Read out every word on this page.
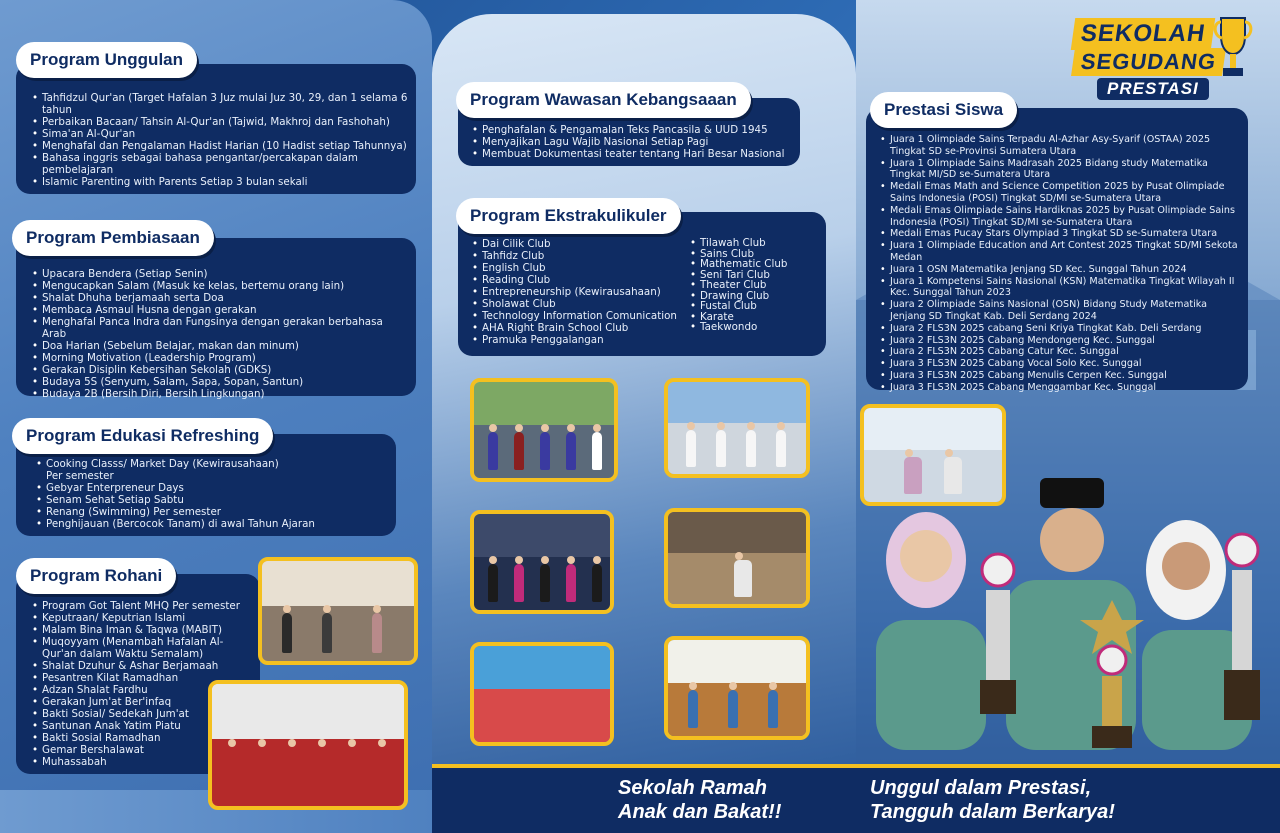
• Tahfidzul Qur'an (Target Hafalan 3 Juz mulai Juz 30, 29, dan 1 selama 6 tahun
• Perbaikan Bacaan/ Tahsin Al-Qur'an (Tajwid, Makhroj dan Fashohah)
• Sima'an Al-Qur'an
• Menghafal dan Pengalaman Hadist Harian (10 Hadist setiap Tahunnya)
• Bahasa inggris sebagai bahasa pengantar/percakapan dalam pembelajaran
• Islamic Parenting with Parents Setiap 3 bulan sekali
Program Unggulan
• Upacara Bendera (Setiap Senin)
• Mengucapkan Salam (Masuk ke kelas, bertemu orang lain)
• Shalat Dhuha berjamaah serta Doa
• Membaca Asmaul Husna dengan gerakan
• Menghafal Panca Indra dan Fungsinya dengan gerakan berbahasa Arab
• Doa Harian (Sebelum Belajar, makan dan minum)
• Morning Motivation (Leadership Program)
• Gerakan Disiplin Kebersihan Sekolah (GDKS)
• Budaya 5S (Senyum, Salam, Sapa, Sopan, Santun)
• Budaya 2B (Bersih Diri, Bersih Lingkungan)
Program Pembiasaan
• Cooking Classs/ Market Day (Kewirausahaan) Per semester
• Gebyar Enterpreneur Days
• Senam Sehat Setiap Sabtu
• Renang (Swimming) Per semester
• Penghijauan (Bercocok Tanam) di awal Tahun Ajaran
Program Edukasi Refreshing
• Program Got Talent MHQ Per semester
• Keputraan/ Keputrian Islami
• Malam Bina Iman & Taqwa (MABIT)
• Muqoyyam (Menambah Hafalan Al-Qur'an dalam Waktu Semalam)
• Shalat Dzuhur & Ashar Berjamaah
• Pesantren Kilat Ramadhan
• Adzan Shalat Fardhu
• Gerakan Jum'at Ber'infaq
• Bakti Sosial/ Sedekah Jum'at
• Santunan Anak Yatim Piatu
• Bakti Sosial Ramadhan
• Gemar Bershalawat
• Muhassabah
Program Rohani
• Penghafalan & Pengamalan Teks Pancasila & UUD 1945
• Menyajikan Lagu Wajib Nasional Setiap Pagi
• Membuat Dokumentasi teater tentang Hari Besar Nasional
Program Wawasan Kebangsaaan
• Dai Cilik Club
• Tahfidz Club
• English Club
• Reading Club
• Entrepreneurship (Kewirausahaan)
• Sholawat Club
• Technology Information Comunication
• AHA Right Brain School Club
• Pramuka Penggalangan
• Tilawah Club
• Sains Club
• Mathematic Club
• Seni Tari Club
• Theater Club
• Drawing Club
• Fustal Club
• Karate
• Taekwondo
Program Ekstrakulikuler
SEKOLAH
SEGUDANG
PRESTASI
• Juara 1 Olimpiade Sains Terpadu Al-Azhar Asy-Syarif (OSTAA) 2025 Tingkat SD se-Provinsi Sumatera Utara
• Juara 1 Olimpiade Sains Madrasah 2025 Bidang study Matematika Tingkat MI/SD se-Sumatera Utara
• Medali Emas Math and Science Competition 2025 by Pusat Olimpiade Sains Indonesia (POSI) Tingkat SD/MI se-Sumatera Utara
• Medali Emas Olimpiade Sains Hardiknas 2025 by Pusat Olimpiade Sains Indonesia (POSI) Tingkat SD/MI se-Sumatera Utara
• Medali Emas Pucay Stars Olympiad 3 Tingkat SD se-Sumatera Utara
• Juara 1 Olimpiade Education and Art Contest 2025 Tingkat SD/MI Sekota Medan
• Juara 1 OSN Matematika Jenjang SD Kec. Sunggal Tahun 2024
• Juara 1 Kompetensi Sains Nasional (KSN) Matematika Tingkat Wilayah II Kec. Sunggal Tahun 2023
• Juara 2 Olimpiade Sains Nasional (OSN) Bidang Study Matematika Jenjang SD Tingkat Kab. Deli Serdang 2024
• Juara 2 FLS3N 2025 cabang Seni Kriya Tingkat Kab. Deli Serdang
• Juara 2 FLS3N 2025 Cabang Mendongeng Kec. Sunggal
• Juara 2 FLS3N 2025 Cabang Catur Kec. Sunggal
• Juara 3 FLS3N 2025 Cabang Vocal Solo Kec. Sunggal
• Juara 3 FLS3N 2025 Cabang Menulis Cerpen Kec. Sunggal
• Juara 3 FLS3N 2025 Cabang Menggambar Kec. Sunggal
Prestasi Siswa
Sekolah Ramah
Anak dan Bakat!!
Unggul dalam Prestasi,
Tangguh dalam Berkarya!
